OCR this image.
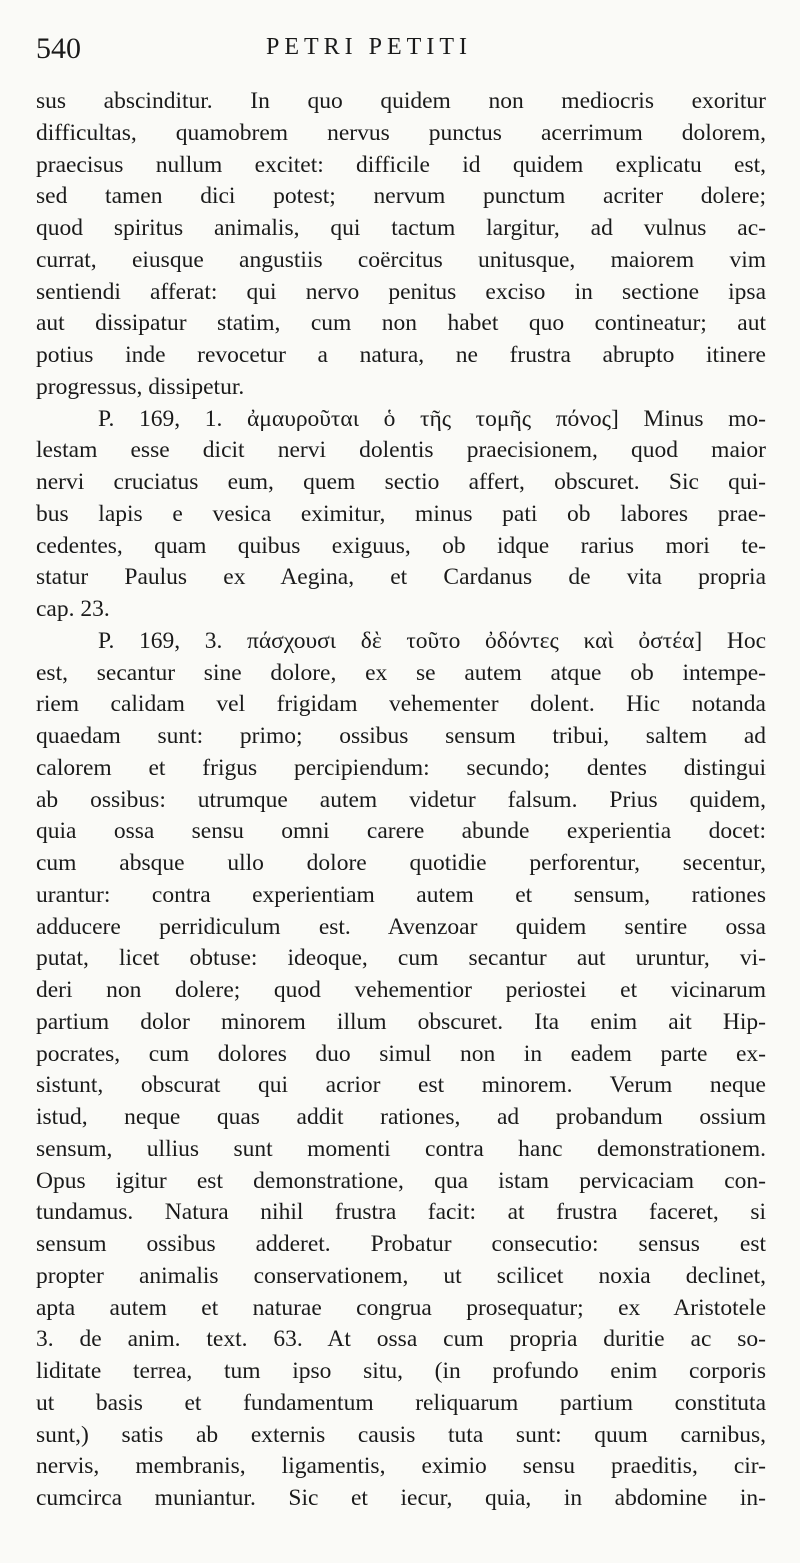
540	PETRI PETITI
sus abscinditur. In quo quidem non mediocris exoritur
difficultas, quamobrem nervus punctus acerrimum dolorem,
praecisus nullum excitet: difficile id quidem explicatu est,
sed tamen dici potest; nervum punctum acriter dolere;
quod spiritus animalis, qui tactum largitur, ad vulnus ac-
currat, eiusque angustiis coërcitus unitusque, maiorem vim
sentiendi afferat: qui nervo penitus exciso in sectione ipsa
aut dissipatur statim, cum non habet quo contineatur; aut
potius inde revocetur a natura, ne frustra abrupto itinere
progressus, dissipetur.
P. 169, 1. ἀμαυροῦται ὁ τῆς τομῆς πόνος] Minus mo-
lestam esse dicit nervi dolentis praecisionem, quod maior
nervi cruciatus eum, quem sectio affert, obscuret. Sic qui-
bus lapis e vesica eximitur, minus pati ob labores prae-
cedentes, quam quibus exiguus, ob idque rarius mori te-
statur Paulus ex Aegina, et Cardanus de vita propria
cap. 23.
P. 169, 3. πάσχουσι δὲ τοῦτο ὀδόντες καὶ ὀστέα] Hoc
est, secantur sine dolore, ex se autem atque ob intempe-
riem calidam vel frigidam vehementer dolent. Hic notanda
quaedam sunt: primo; ossibus sensum tribui, saltem ad
calorem et frigus percipiendum: secundo; dentes distingui
ab ossibus: utrumque autem videtur falsum. Prius quidem,
quia ossa sensu omni carere abunde experientia docet:
cum absque ullo dolore quotidie perforentur, secentur,
urantur: contra experientiam autem et sensum, rationes
adducere perridiculum est. Avenzoar quidem sentire ossa
putat, licet obtuse: ideoque, cum secantur aut uruntur, vi-
deri non dolere; quod vehementior periostei et vicinarum
partium dolor minorem illum obscuret. Ita enim ait Hip-
pocrates, cum dolores duo simul non in eadem parte ex-
sistunt, obscurat qui acrior est minorem. Verum neque
istud, neque quas addit rationes, ad probandum ossium
sensum, ullius sunt momenti contra hanc demonstrationem.
Opus igitur est demonstratione, qua istam pervicaciam con-
tundamus. Natura nihil frustra facit: at frustra faceret, si
sensum ossibus adderet. Probatur consecutio: sensus est
propter animalis conservationem, ut scilicet noxia declinet,
apta autem et naturae congrua prosequatur; ex Aristotele
3. de anim. text. 63. At ossa cum propria duritie ac so-
liditate terrea, tum ipso situ, (in profundo enim corporis
ut basis et fundamentum reliquarum partium constituta
sunt,) satis ab externis causis tuta sunt: quum carnibus,
nervis, membranis, ligamentis, eximio sensu praeditis, cir-
cumcirca muniantur. Sic et iecur, quia, in abdomine in-
